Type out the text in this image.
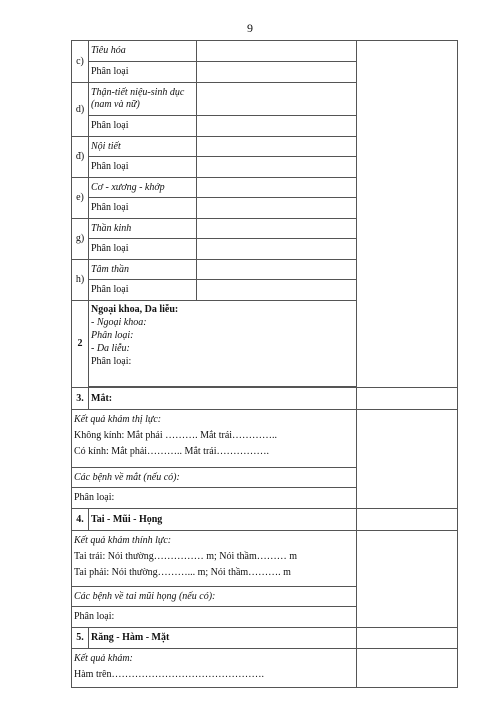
9
c)	Tiêu hóa		
	Phân loại		
d)	Thận-tiết niệu-sinh dục (nam và nữ)		
	Phân loại		
đ)	Nội tiết		
	Phân loại		
e)	Cơ - xương - khớp		
	Phân loại		
g)	Thần kinh		
	Phân loại		
h)	Tâm thần		
	Phân loại		
2	Ngoại khoa, Da liễu:
- Ngoại khoa:
Phân loại:
- Da liễu:
Phân loại:		

3.	Mắt:		

Kết quả khám thị lực:
Không kính: Mắt phải ………. Mắt trái…………..
Có kính: Mắt phải……….. Mắt trái…………….			

Các bệnh về mắt (nếu có):			
Phân loại:			
4.	Tai - Mũi - Họng		

Kết quả khám thính lực:
Tai trái: Nói thường…………… m; Nói thầm……… m
Tai phải: Nói thường………... m; Nói thầm………. m			

Các bệnh về tai mũi họng (nếu có):			
Phân loại:			
5.	Răng - Hàm - Mặt		

Kết quả khám:
Hàm trên……………………………………….			
